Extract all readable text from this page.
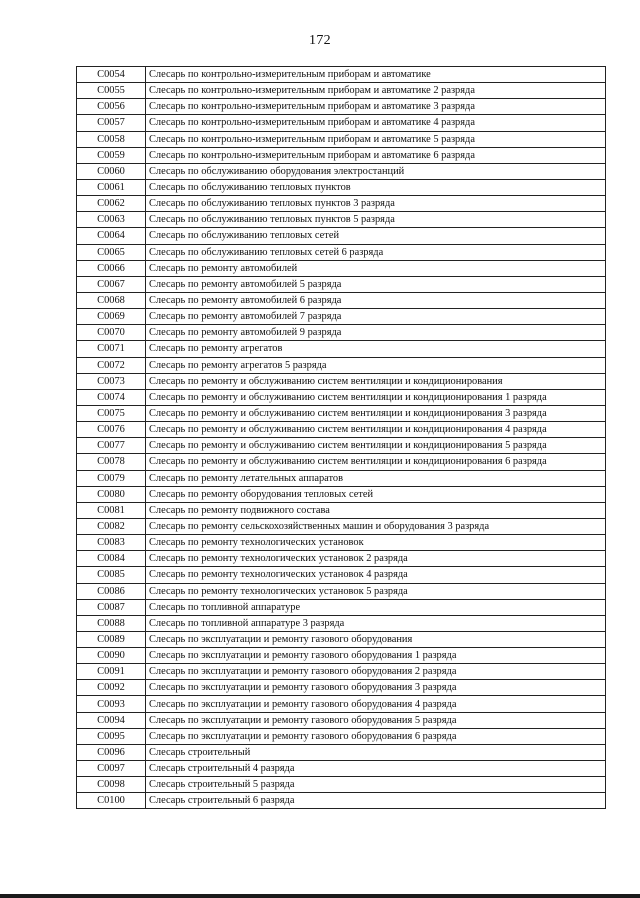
172
C0054	Слесарь по контрольно-измерительным приборам и автоматике
C0055	Слесарь по контрольно-измерительным приборам и автоматике 2 разряда
C0056	Слесарь по контрольно-измерительным приборам и автоматике 3 разряда
C0057	Слесарь по контрольно-измерительным приборам и автоматике 4 разряда
C0058	Слесарь по контрольно-измерительным приборам и автоматике 5 разряда
C0059	Слесарь по контрольно-измерительным приборам и автоматике 6 разряда
C0060	Слесарь по обслуживанию оборудования электростанций
C0061	Слесарь по обслуживанию тепловых пунктов
C0062	Слесарь по обслуживанию тепловых пунктов 3 разряда
C0063	Слесарь по обслуживанию тепловых пунктов 5 разряда
C0064	Слесарь по обслуживанию тепловых сетей
C0065	Слесарь по обслуживанию тепловых сетей 6 разряда
C0066	Слесарь по ремонту автомобилей
C0067	Слесарь по ремонту автомобилей 5 разряда
C0068	Слесарь по ремонту автомобилей 6 разряда
C0069	Слесарь по ремонту автомобилей 7 разряда
C0070	Слесарь по ремонту автомобилей 9 разряда
C0071	Слесарь по ремонту агрегатов
C0072	Слесарь по ремонту агрегатов 5 разряда
C0073	Слесарь по ремонту и обслуживанию систем вентиляции и кондиционирования
C0074	Слесарь по ремонту и обслуживанию систем вентиляции и кондиционирования 1 разряда
C0075	Слесарь по ремонту и обслуживанию систем вентиляции и кондиционирования 3 разряда
C0076	Слесарь по ремонту и обслуживанию систем вентиляции и кондиционирования 4 разряда
C0077	Слесарь по ремонту и обслуживанию систем вентиляции и кондиционирования 5 разряда
C0078	Слесарь по ремонту и обслуживанию систем вентиляции и кондиционирования 6 разряда
C0079	Слесарь по ремонту летательных аппаратов
C0080	Слесарь по ремонту оборудования тепловых сетей
C0081	Слесарь по ремонту подвижного состава
C0082	Слесарь по ремонту сельскохозяйственных машин и оборудования 3 разряда
C0083	Слесарь по ремонту технологических установок
C0084	Слесарь по ремонту технологических установок 2 разряда
C0085	Слесарь по ремонту технологических установок 4 разряда
C0086	Слесарь по ремонту технологических установок 5 разряда
C0087	Слесарь по топливной аппаратуре
C0088	Слесарь по топливной аппаратуре 3 разряда
C0089	Слесарь по эксплуатации и ремонту газового оборудования
C0090	Слесарь по эксплуатации и ремонту газового оборудования 1 разряда
C0091	Слесарь по эксплуатации и ремонту газового оборудования 2 разряда
C0092	Слесарь по эксплуатации и ремонту газового оборудования 3 разряда
C0093	Слесарь по эксплуатации и ремонту газового оборудования 4 разряда
C0094	Слесарь по эксплуатации и ремонту газового оборудования 5 разряда
C0095	Слесарь по эксплуатации и ремонту газового оборудования 6 разряда
C0096	Слесарь строительный
C0097	Слесарь строительный 4 разряда
C0098	Слесарь строительный 5 разряда
C0100	Слесарь строительный 6 разряда
